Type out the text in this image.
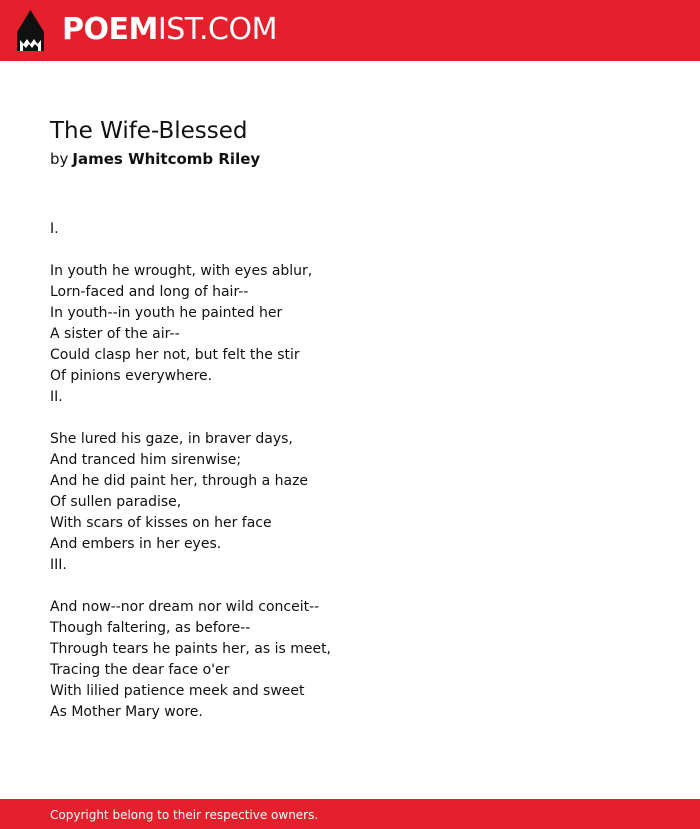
POEMIST.COM
The Wife-Blessed
by James Whitcomb Riley
I.
In youth he wrought, with eyes ablur,
Lorn-faced and long of hair--
In youth--in youth he painted her
A sister of the air--
Could clasp her not, but felt the stir
Of pinions everywhere.
II.
She lured his gaze, in braver days,
And tranced him sirenwise;
And he did paint her, through a haze
Of sullen paradise,
With scars of kisses on her face
And embers in her eyes.
III.
And now--nor dream nor wild conceit--
Though faltering, as before--
Through tears he paints her, as is meet,
Tracing the dear face o'er
With lilied patience meek and sweet
As Mother Mary wore.
Copyright belong to their respective owners.
